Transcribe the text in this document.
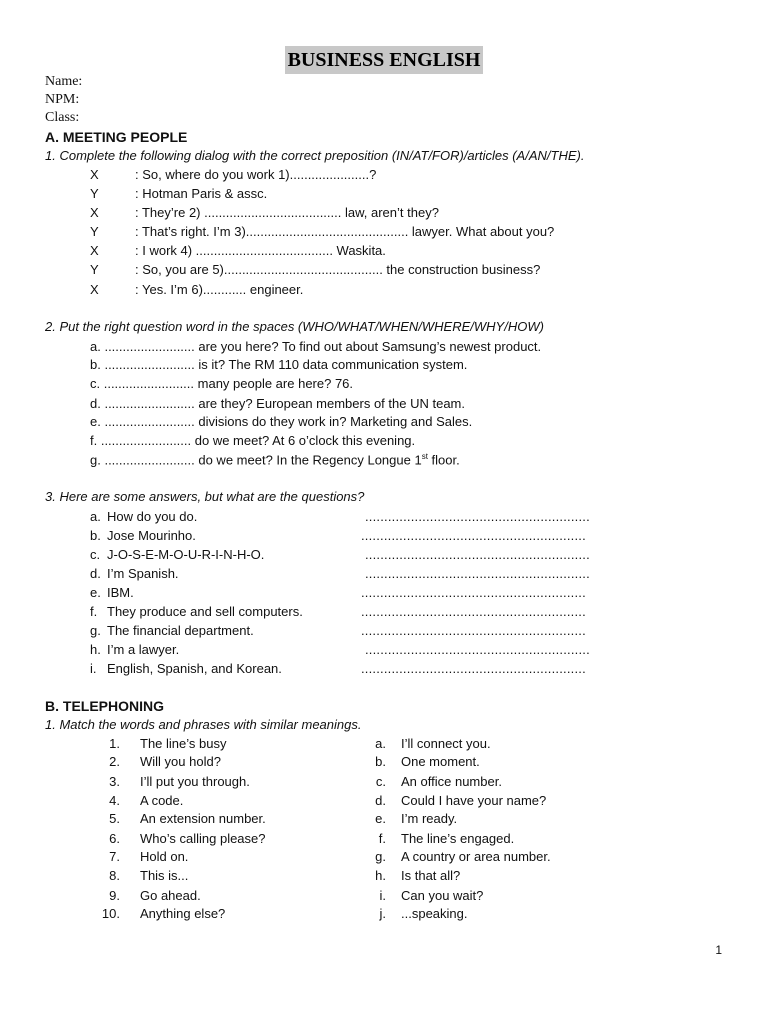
BUSINESS ENGLISH
Name:
NPM:
Class:
A. MEETING PEOPLE
1. Complete the following dialog with the correct preposition (IN/AT/FOR)/articles (A/AN/THE).
X	: So, where do you work 1)......................?
Y	: Hotman Paris & assc.
X	: They’re 2) ...................................... law, aren’t they?
Y	: That’s right. I’m 3)............................................. lawyer. What about you?
X	: I work 4) ...................................... Waskita.
Y	: So, you are 5)............................................ the construction business?
X	: Yes. I’m 6)............ engineer.
2. Put the right question word in the spaces (WHO/WHAT/WHEN/WHERE/WHY/HOW)
a. ......................... are you here? To find out about Samsung’s newest product.
b. ......................... is it? The RM 110 data communication system.
c. ......................... many people are here? 76.
d. ......................... are they? European members of the UN team.
e. ......................... divisions do they work in? Marketing and Sales.
f. ......................... do we meet? At 6 o’clock this evening.
g. ......................... do we meet? In the Regency Longue 1st floor.
3. Here are some answers, but what are the questions?
a. How do you do.	...........................................................
b. Jose Mourinho.	...........................................................
c. J-O-S-E-M-O-U-R-I-N-H-O.	...........................................................
d. I’m Spanish.	...........................................................
e. IBM.	...........................................................
f. They produce and sell computers.	...........................................................
g. The financial department.	...........................................................
h. I’m a lawyer.	...........................................................
i. English, Spanish, and Korean.	...........................................................
B. TELEPHONING
1. Match the words and phrases with similar meanings.
1. The line’s busy	a. I’ll connect you.
2. Will you hold?	b. One moment.
3. I’ll put you through.	c. An office number.
4. A code.	d. Could I have your name?
5. An extension number.	e. I’m ready.
6. Who’s calling please?	f. The line’s engaged.
7. Hold on.	g. A country or area number.
8. This is...	h. Is that all?
9. Go ahead.	i. Can you wait?
10. Anything else?	j. ...speaking.
1
